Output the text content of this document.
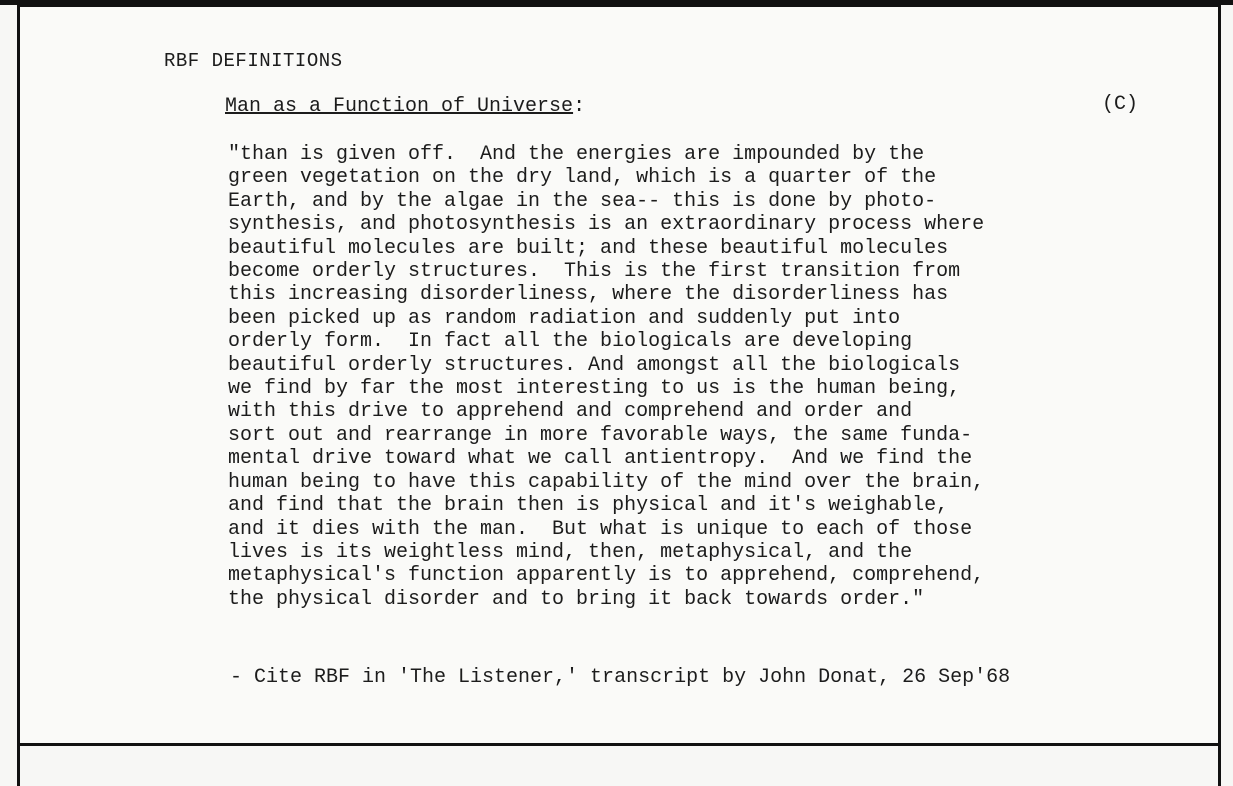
RBF DEFINITIONS
Man as a Function of Universe:	(C)
"than is given off.  And the energies are impounded by the
green vegetation on the dry land, which is a quarter of the
Earth, and by the algae in the sea-- this is done by photo-
synthesis, and photosynthesis is an extraordinary process where
beautiful molecules are built; and these beautiful molecules
become orderly structures.  This is the first transition from
this increasing disorderliness, where the disorderliness has
been picked up as random radiation and suddenly put into
orderly form.  In fact all the biologicals are developing
beautiful orderly structures. And amongst all the biologicals
we find by far the most interesting to us is the human being,
with this drive to apprehend and comprehend and order and
sort out and rearrange in more favorable ways, the same funda-
mental drive toward what we call antientropy.  And we find the
human being to have this capability of the mind over the brain,
and find that the brain then is physical and it's weighable,
and it dies with the man.  But what is unique to each of those
lives is its weightless mind, then, metaphysical, and the
metaphysical's function apparently is to apprehend, comprehend,
the physical disorder and to bring it back towards order."
- Cite RBF in 'The Listener,' transcript by John Donat, 26 Sep'68
